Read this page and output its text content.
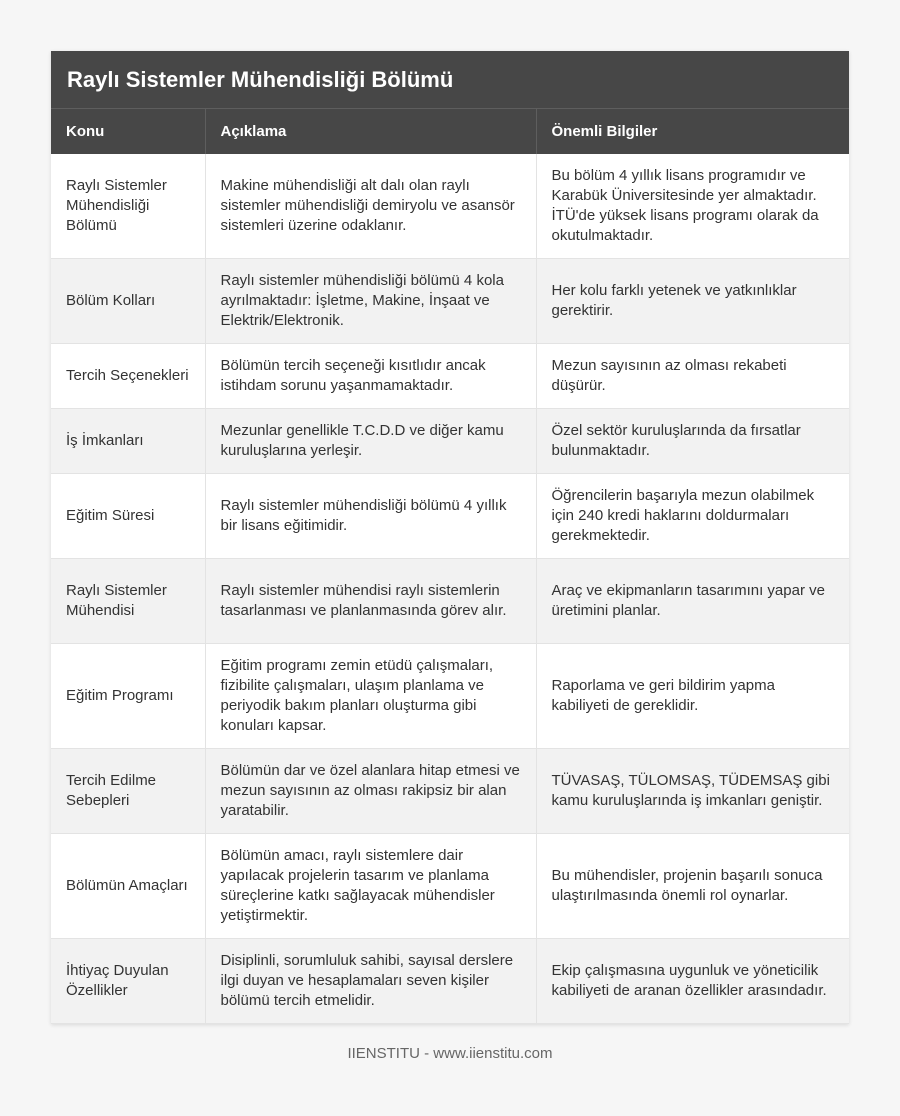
Raylı Sistemler Mühendisliği Bölümü
Konu	Açıklama	Önemli Bilgiler
Raylı Sistemler Mühendisliği Bölümü	Makine mühendisliği alt dalı olan raylı sistemler mühendisliği demiryolu ve asansör sistemleri üzerine odaklanır.	Bu bölüm 4 yıllık lisans programıdır ve Karabük Üniversitesinde yer almaktadır. İTÜ'de yüksek lisans programı olarak da okutulmaktadır.
Bölüm Kolları	Raylı sistemler mühendisliği bölümü 4 kola ayrılmaktadır: İşletme, Makine, İnşaat ve Elektrik/Elektronik.	Her kolu farklı yetenek ve yatkınlıklar gerektirir.
Tercih Seçenekleri	Bölümün tercih seçeneği kısıtlıdır ancak istihdam sorunu yaşanmamaktadır.	Mezun sayısının az olması rekabeti düşürür.
İş İmkanları	Mezunlar genellikle T.C.D.D ve diğer kamu kuruluşlarına yerleşir.	Özel sektör kuruluşlarında da fırsatlar bulunmaktadır.
Eğitim Süresi	Raylı sistemler mühendisliği bölümü 4 yıllık bir lisans eğitimidir.	Öğrencilerin başarıyla mezun olabilmek için 240 kredi haklarını doldurmaları gerekmektedir.
Raylı Sistemler Mühendisi	Raylı sistemler mühendisi raylı sistemlerin tasarlanması ve planlanmasında görev alır.	Araç ve ekipmanların tasarımını yapar ve üretimini planlar.
Eğitim Programı	Eğitim programı zemin etüdü çalışmaları, fizibilite çalışmaları, ulaşım planlama ve periyodik bakım planları oluşturma gibi konuları kapsar.	Raporlama ve geri bildirim yapma kabiliyeti de gereklidir.
Tercih Edilme Sebepleri	Bölümün dar ve özel alanlara hitap etmesi ve mezun sayısının az olması rakipsiz bir alan yaratabilir.	TÜVASAŞ, TÜLOMSAŞ, TÜDEMSAŞ gibi kamu kuruluşlarında iş imkanları geniştir.
Bölümün Amaçları	Bölümün amacı, raylı sistemlere dair yapılacak projelerin tasarım ve planlama süreçlerine katkı sağlayacak mühendisler yetiştirmektir.	Bu mühendisler, projenin başarılı sonuca ulaştırılmasında önemli rol oynarlar.
İhtiyaç Duyulan Özellikler	Disiplinli, sorumluluk sahibi, sayısal derslere ilgi duyan ve hesaplamaları seven kişiler bölümü tercih etmelidir.	Ekip çalışmasına uygunluk ve yöneticilik kabiliyeti de aranan özellikler arasındadır.
IIENSTITU - www.iienstitu.com
